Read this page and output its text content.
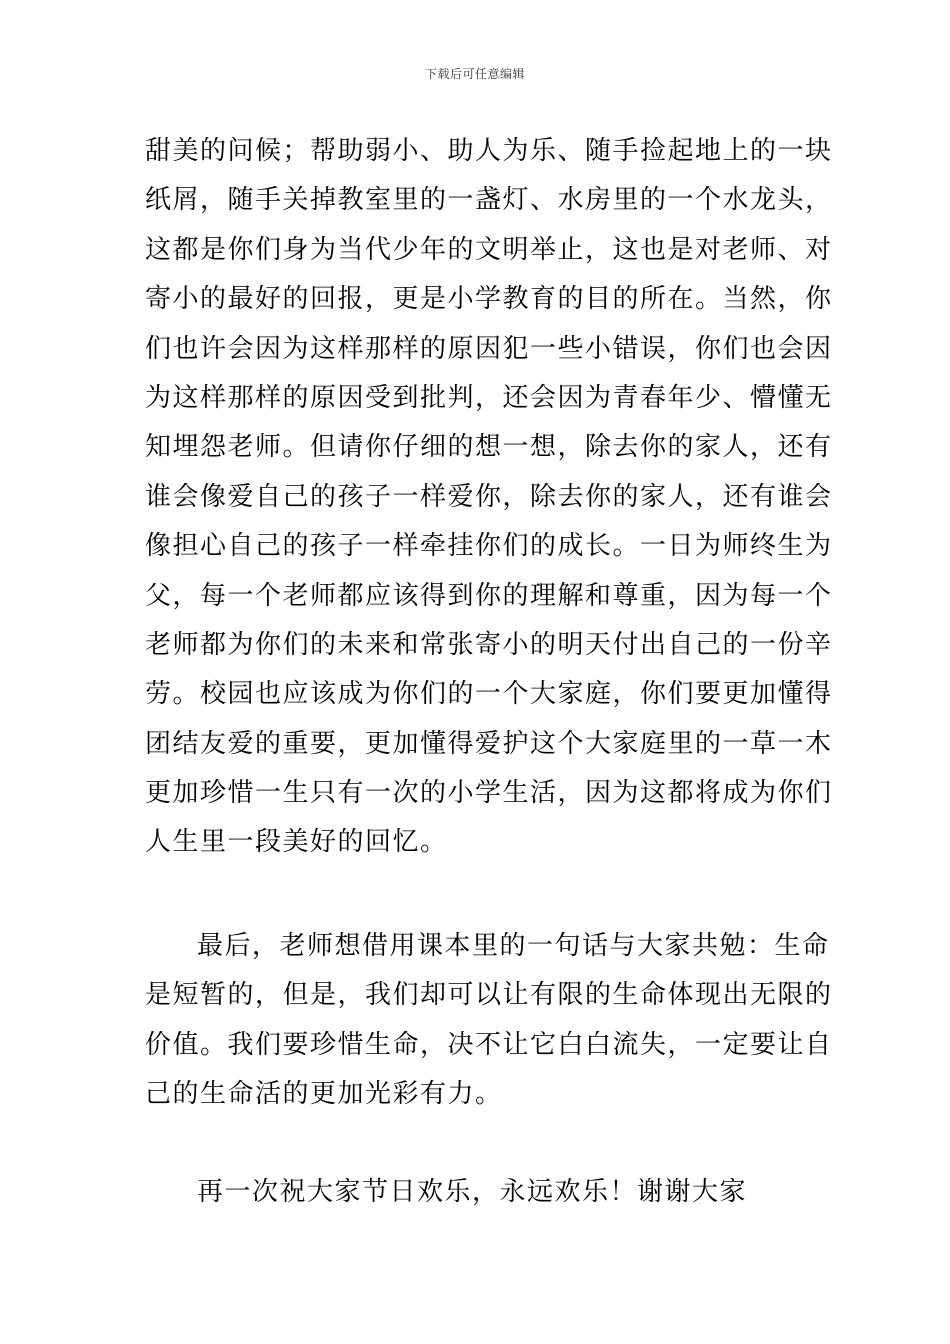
下载后可任意编辑
甜美的问候；帮助弱小、助人为乐、随手捡起地上的一块
纸屑，随手关掉教室里的一盏灯、水房里的一个水龙头，
这都是你们身为当代少年的文明举止，这也是对老师、对
寄小的最好的回报，更是小学教育的目的所在。当然，你
们也许会因为这样那样的原因犯一些小错误，你们也会因
为这样那样的原因受到批判，还会因为青春年少、懵懂无
知埋怨老师。但请你仔细的想一想，除去你的家人，还有
谁会像爱自己的孩子一样爱你，除去你的家人，还有谁会
像担心自己的孩子一样牵挂你们的成长。一日为师终生为
父，每一个老师都应该得到你的理解和尊重，因为每一个
老师都为你们的未来和常张寄小的明天付出自己的一份辛
劳。校园也应该成为你们的一个大家庭，你们要更加懂得
团结友爱的重要，更加懂得爱护这个大家庭里的一草一木
更加珍惜一生只有一次的小学生活，因为这都将成为你们
人生里一段美好的回忆。
最后，老师想借用课本里的一句话与大家共勉：生命
是短暂的，但是，我们却可以让有限的生命体现出无限的
价值。我们要珍惜生命，决不让它白白流失，一定要让自
己的生命活的更加光彩有力。
再一次祝大家节日欢乐，永远欢乐！谢谢大家
